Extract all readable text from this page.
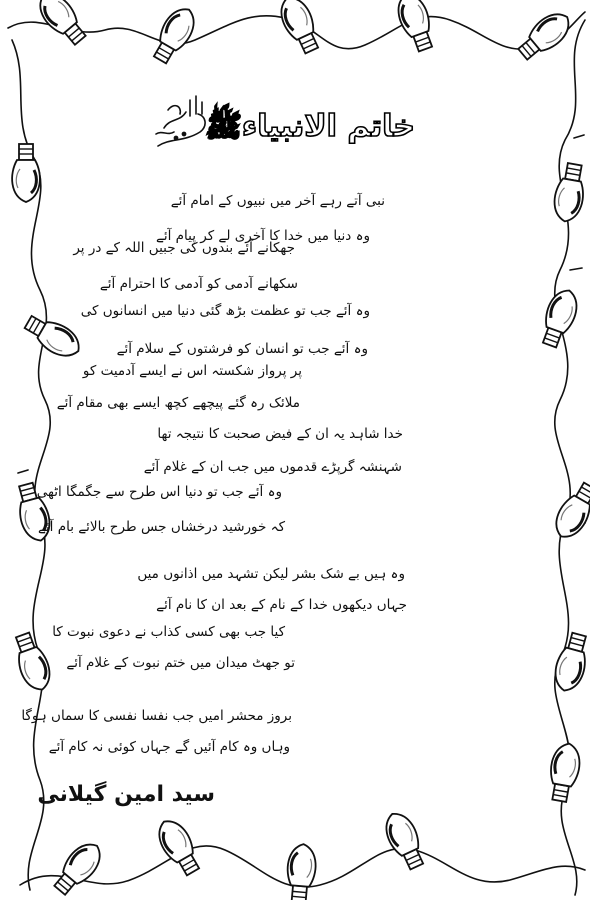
خاتم الانبیاءﷺ
نبی آتے رہے آخر میں نبیوں کے امام آئے
وہ دنیا میں خدا کا آخری لے کر پیام آئے
جھکانے آئے بندوں کی جبیں اللہ کے در پر
سکھانے آدمی کو آدمی کا احترام آئے
وہ آئے جب تو عظمت بڑھ گئی دنیا میں انسانوں کی
وہ آئے جب تو انسان کو فرشتوں کے سلام آئے
پر پرواز شکستہ اس نے ایسے آدمیت کو
ملائک رہ گئے پیچھے کچھ ایسے بھی مقام آئے
خدا شاہد یہ ان کے فیض صحبت کا نتیجہ تھا
شہنشہ گرپڑے قدموں میں جب ان کے غلام آئے
وہ آئے جب تو دنیا اس طرح سے جگمگا اٹھی
کہ خورشید درخشاں جس طرح بالائے بام آئے
وہ ہیں بے شک بشر لیکن تشہد میں اذانوں میں
جہاں دیکھوں خدا کے نام کے بعد ان کا نام آئے
کیا جب بھی کسی کذاب نے دعوی نبوت کا
تو جھٹ میدان میں ختم نبوت کے غلام آئے
بروز محشر امیں جب نفسا نفسی کا سماں ہوگا
وہاں وہ کام آئیں گے جہاں کوئی نہ کام آئے
سید امین گیلانی
